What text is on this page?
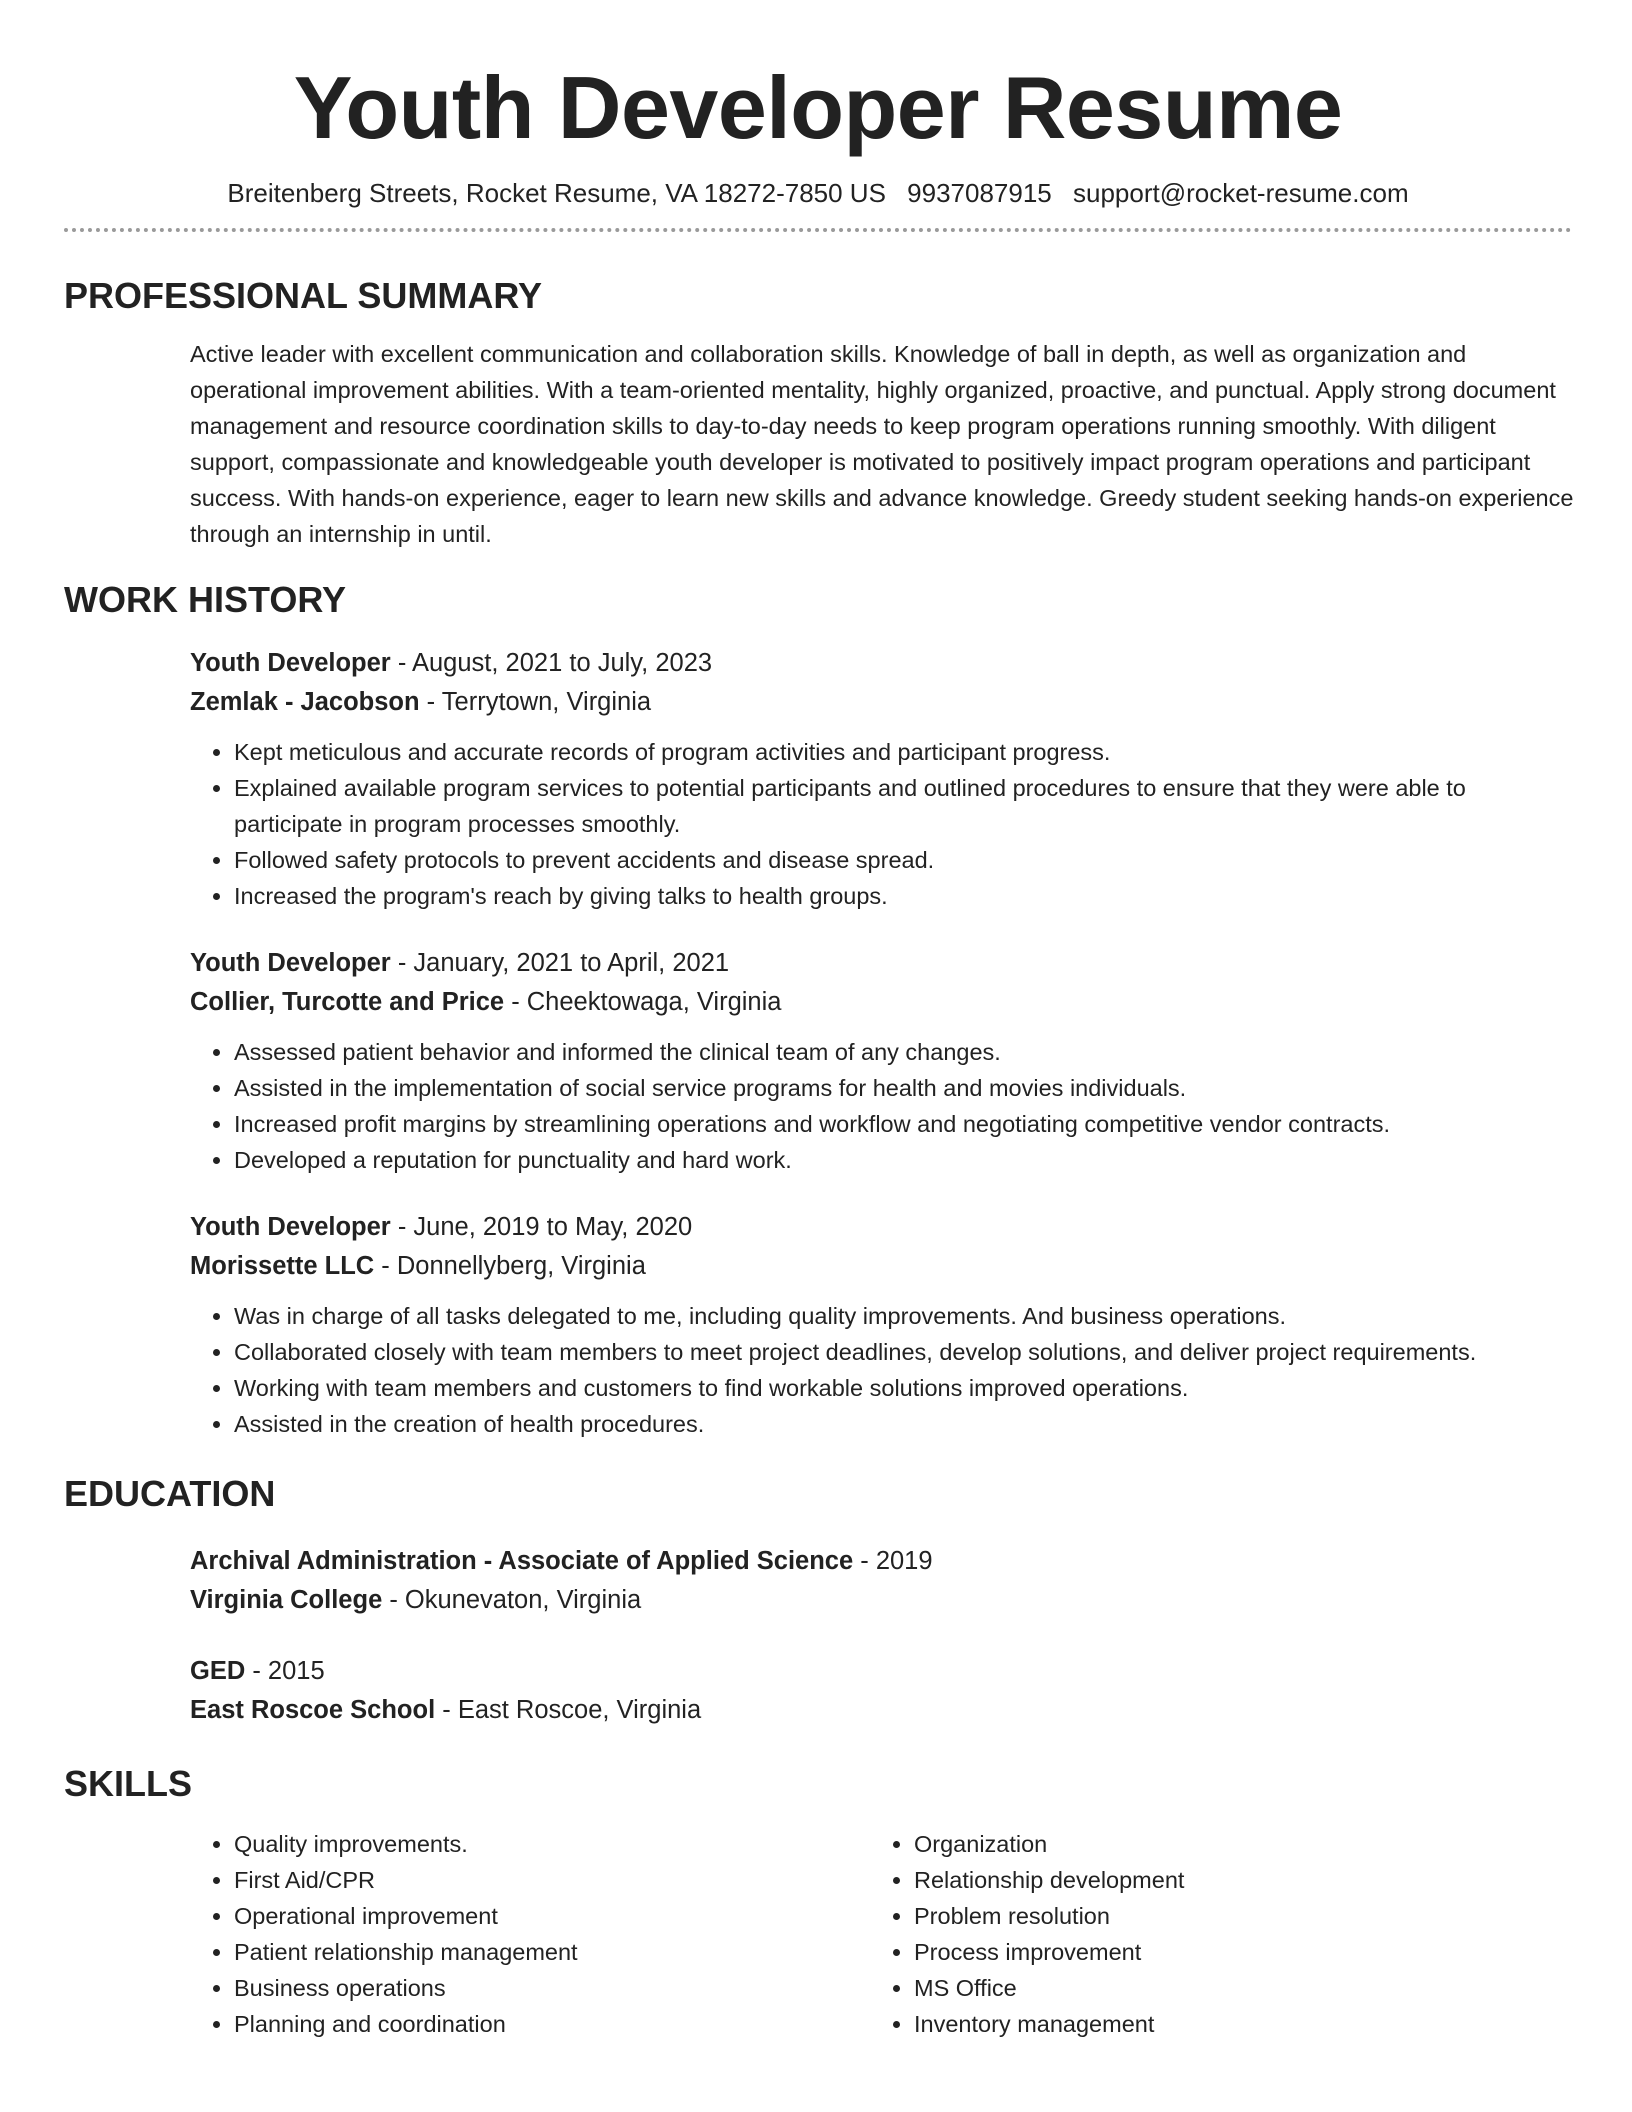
Youth Developer Resume
Breitenberg Streets, Rocket Resume, VA 18272-7850 US 9937087915 support@rocket-resume.com
PROFESSIONAL SUMMARY
Active leader with excellent communication and collaboration skills. Knowledge of ball in depth, as well as organization and operational improvement abilities. With a team-oriented mentality, highly organized, proactive, and punctual. Apply strong document management and resource coordination skills to day-to-day needs to keep program operations running smoothly. With diligent support, compassionate and knowledgeable youth developer is motivated to positively impact program operations and participant success. With hands-on experience, eager to learn new skills and advance knowledge. Greedy student seeking hands-on experience through an internship in until.
WORK HISTORY
Youth Developer - August, 2021 to July, 2023
Zemlak - Jacobson - Terrytown, Virginia
• Kept meticulous and accurate records of program activities and participant progress.
• Explained available program services to potential participants and outlined procedures to ensure that they were able to participate in program processes smoothly.
• Followed safety protocols to prevent accidents and disease spread.
• Increased the program's reach by giving talks to health groups.
Youth Developer - January, 2021 to April, 2021
Collier, Turcotte and Price - Cheektowaga, Virginia
• Assessed patient behavior and informed the clinical team of any changes.
• Assisted in the implementation of social service programs for health and movies individuals.
• Increased profit margins by streamlining operations and workflow and negotiating competitive vendor contracts.
• Developed a reputation for punctuality and hard work.
Youth Developer - June, 2019 to May, 2020
Morissette LLC - Donnellyberg, Virginia
• Was in charge of all tasks delegated to me, including quality improvements. And business operations.
• Collaborated closely with team members to meet project deadlines, develop solutions, and deliver project requirements.
• Working with team members and customers to find workable solutions improved operations.
• Assisted in the creation of health procedures.
EDUCATION
Archival Administration - Associate of Applied Science - 2019
Virginia College - Okunevaton, Virginia
GED - 2015
East Roscoe School - East Roscoe, Virginia
SKILLS
• Quality improvements.
• First Aid/CPR
• Operational improvement
• Patient relationship management
• Business operations
• Planning and coordination
• Organization
• Relationship development
• Problem resolution
• Process improvement
• MS Office
• Inventory management
